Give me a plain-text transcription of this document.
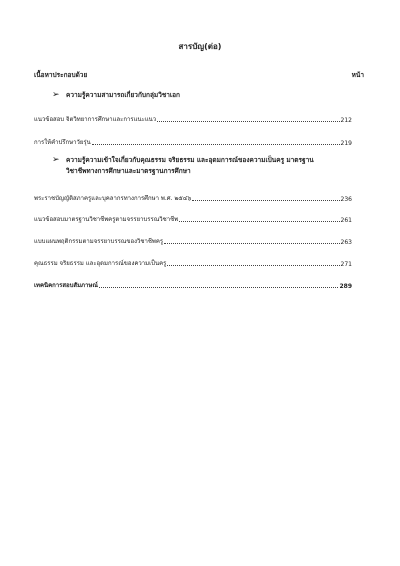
สารบัญ(ต่อ)
เนื้อหาประกอบด้วย	หน้า
➢ ความรู้ความสามารถเกี่ยวกับกลุ่มวิชาเอก
แนวข้อสอบ จิตวิทยาการศึกษาและการแนะแนว	212
การให้คำปรึกษาวัยรุ่น	219
➢ ความรู้ความเข้าใจเกี่ยวกับคุณธรรม จริยธรรม และอุดมการณ์ของความเป็นครู มาตรฐาน
วิชาชีพทางการศึกษาและมาตรฐานการศึกษา
พระราชบัญญัติสภาครูและบุคลากรทางการศึกษา พ.ศ. ๒๕๔๖	236
แนวข้อสอบมาตรฐานวิชาชีพครูตามจรรยาบรรณวิชาชีพ	261
แบบแผนพฤติกรรมตามจรรยาบรรณของวิชาชีพครู	263
คุณธรรม จริยธรรม และอุดมการณ์ของความเป็นครู	271
เทคนิคการสอบสัมภาษณ์	289
